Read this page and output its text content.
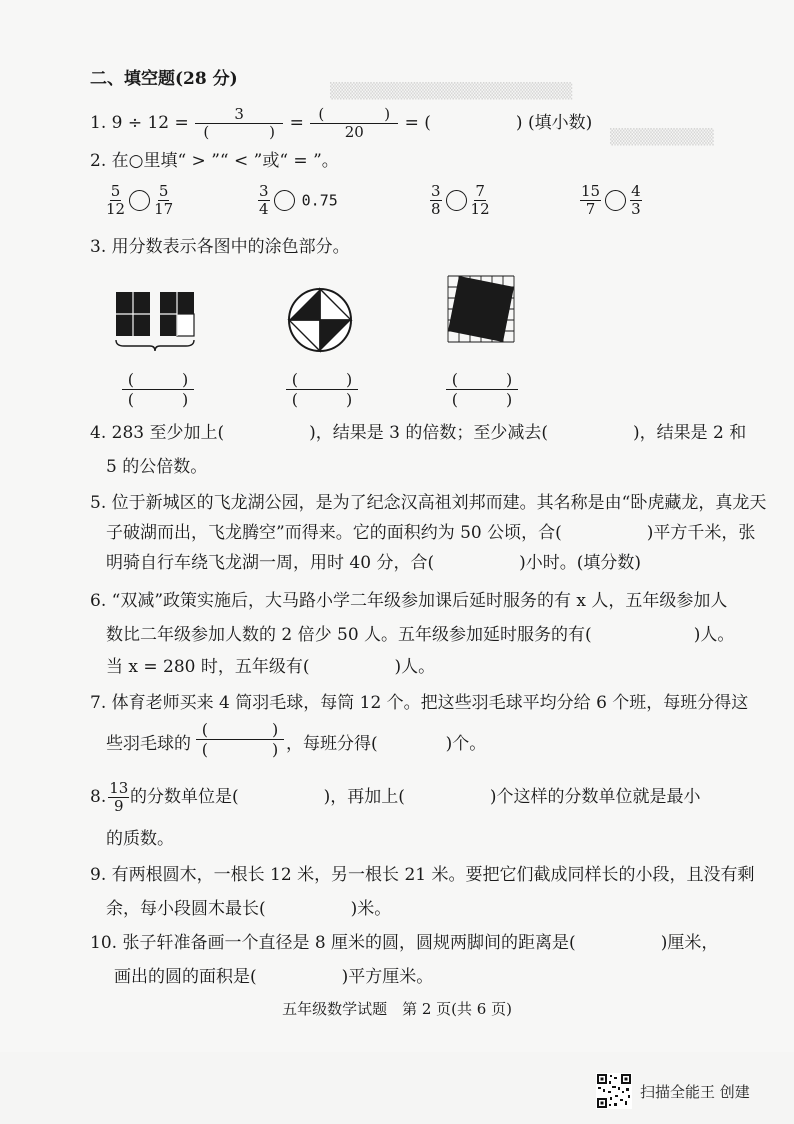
▒▒▒▒▒▒▒▒▒▒▒▒▒▒▒▒▒▒▒▒▒
▒▒▒▒▒▒▒▒▒
二、填空题(28 分)
1. $9 \div 12 = \frac{3}{( )} = \frac{( )}{20}$ = (　　　　　) (填小数)
2. 在○里填“ > ”“ < ”或“ = ”。
$\frac{5}{12} \frac{5}{17}$	$\frac{3}{4} 0.75$	$\frac{3}{8} \frac{7}{12}$	$\frac{15}{7} \frac{4}{3}$
3. 用分数表示各图中的涂色部分。
(　　　)
(　　　)
(　　　)
(　　　)
(　　　)
(　　　)
4. 283 至少加上(　　　　　)，结果是 3 的倍数；至少减去(　　　　　)，结果是 2 和
5 的公倍数。
5. 位于新城区的飞龙湖公园，是为了纪念汉高祖刘邦而建。其名称是由“卧虎藏龙，真龙天
子破湖而出，飞龙腾空”而得来。它的面积约为 50 公顷，合(　　　　　)平方千米，张
明骑自行车绕飞龙湖一周，用时 40 分，合(　　　　　)小时。(填分数)
6. “双减”政策实施后，大马路小学二年级参加课后延时服务的有 x 人，五年级参加人
数比二年级参加人数的 2 倍少 50 人。五年级参加延时服务的有(　　　　　　)人。
当 x = 280 时，五年级有(　　　　　)人。
7. 体育老师买来 4 筒羽毛球，每筒 12 个。把这些羽毛球平均分给 6 个班，每班分得这
些羽毛球的
(　　　　)
(　　　　) ，每班分得(　　　　)个。
8. $\frac{13}{9}$ 的分数单位是(　　　　　)，再加上(　　　　　)个这样的分数单位就是最小
的质数。
9. 有两根圆木，一根长 12 米，另一根长 21 米。要把它们截成同样长的小段，且没有剩
余，每小段圆木最长(　　　　　)米。
10. 张子轩准备画一个直径是 8 厘米的圆，圆规两脚间的距离是(　　　　　)厘米，
画出的圆的面积是(　　　　　)平方厘米。
五年级数学试题　第 2 页(共 6 页)
扫描全能王 创建
